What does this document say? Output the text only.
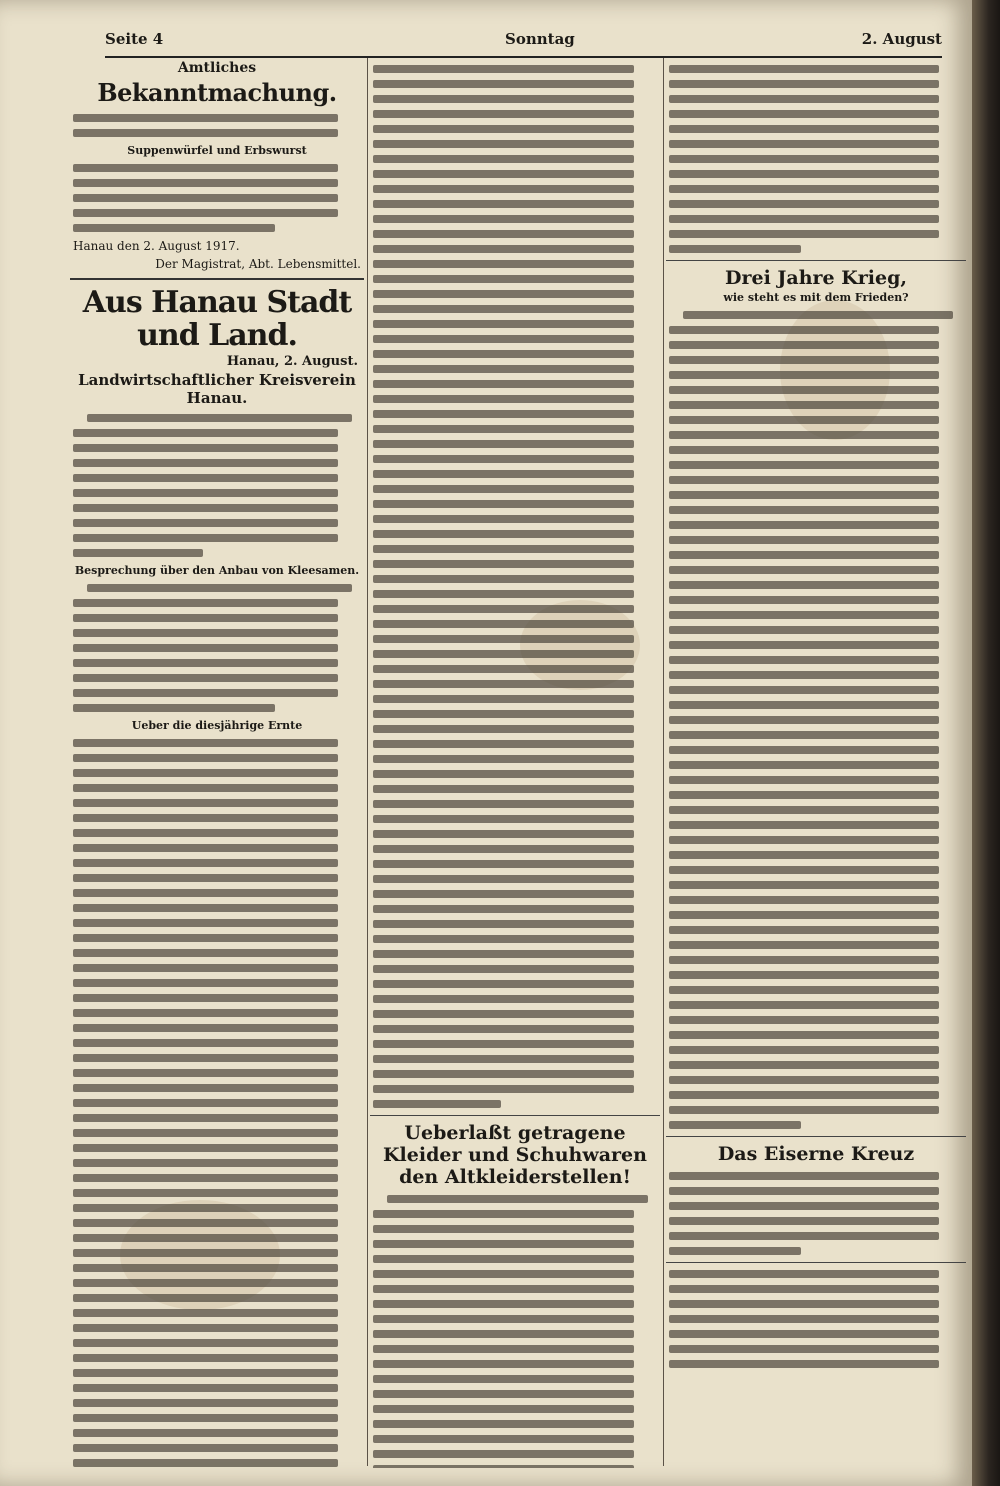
Seite 4	Sonntag	2. August
Amtliches
Bekanntmachung.
Suppenwürfel und Erbswurst
Hanau den 2. August 1917.
Der Magistrat, Abt. Lebensmittel.
Aus Hanau Stadt und Land.
Hanau, 2. August.
Landwirtschaftlicher Kreisverein Hanau.
Besprechung über den Anbau von Kleesamen.
Ueber die diesjährige Ernte
Ueberlaßt getragene Kleider und Schuhwaren den Altkleiderstellen!
Drei Jahre Krieg,
wie steht es mit dem Frieden?
Das Eiserne Kreuz
